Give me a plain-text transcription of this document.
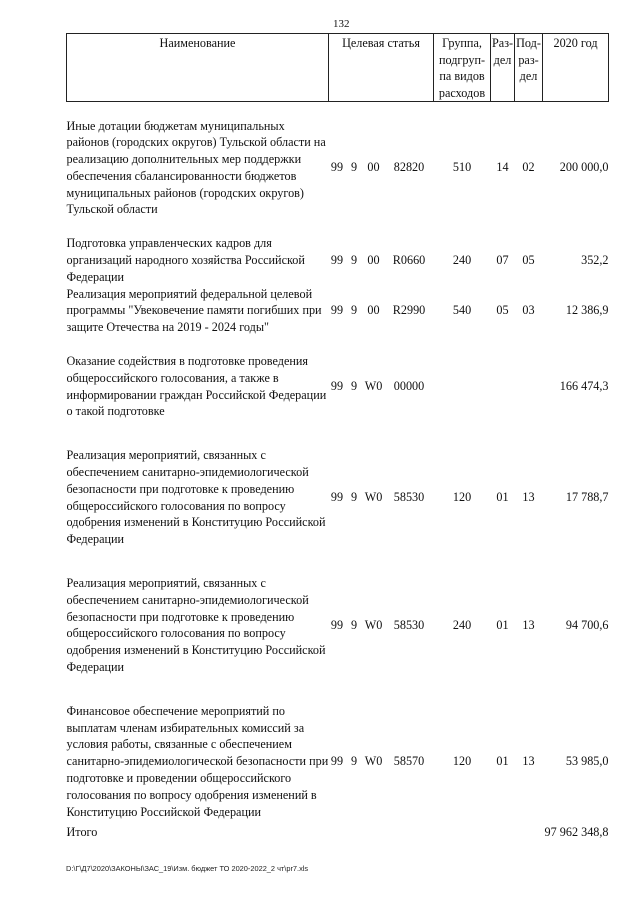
132
Наименование	Целевая статья				Группа,
подгруп-
па видов
расходов	Раз-
дел	Под-
раз-
дел	2020 год

Иные дотации бюджетам муниципальных районов (городских округов) Тульской области на реализацию дополнительных мер поддержки обеспечения сбалансированности бюджетов муниципальных районов (городских округов) Тульской области	99	9	00	82820	510	14	02	200 000,0

Подготовка управленческих кадров для организаций народного хозяйства Российской Федерации	99	9	00	R0660	240	07	05	352,2
Реализация мероприятий федеральной целевой программы "Увековечение памяти погибших при защите Отечества на 2019 - 2024 годы"	99	9	00	R2990	540	05	03	12 386,9

Оказание содействия в подготовке проведения общероссийского голосования, а также в информировании граждан Российской Федерации о такой подготовке	99	9	W0	00000				166 474,3

Реализация мероприятий, связанных с обеспечением санитарно-эпидемиологической безопасности при подготовке к проведению общероссийского голосования по вопросу одобрения изменений в Конституцию Российской Федерации	99	9	W0	58530	120	01	13	17 788,7

Реализация мероприятий, связанных с обеспечением санитарно-эпидемиологической безопасности при подготовке к проведению общероссийского голосования по вопросу одобрения изменений в Конституцию Российской Федерации	99	9	W0	58530	240	01	13	94 700,6

Финансовое обеспечение мероприятий по выплатам членам избирательных комиссий за условия работы, связанные с обеспечением санитарно-эпидемиологической безопасности при подготовке и проведении общероссийского голосования по вопросу одобрения изменений в Конституцию Российской Федерации	99	9	W0	58570	120	01	13	53 985,0

Итого								97 962 348,8
D:\Г\Д7\2020\ЗАКОНЫ\ЗАС_19\Изм. бюджет ТО 2020-2022_2 чт\pr7.xls
